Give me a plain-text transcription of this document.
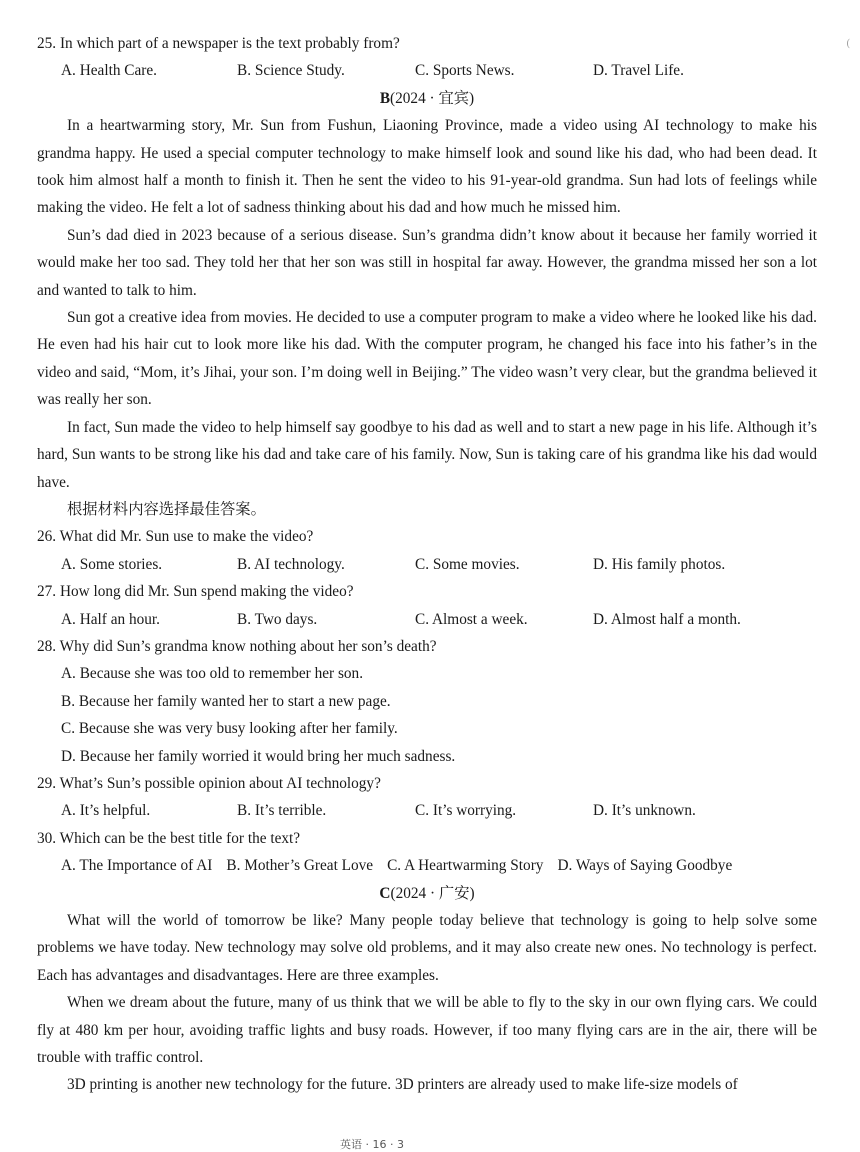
(
25. In which part of a newspaper is the text probably from?
A. Health Care.	B. Science Study.	C. Sports News.	D. Travel Life.
B(2024 · 宜宾)
In a heartwarming story, Mr. Sun from Fushun, Liaoning Province, made a video using AI technology to make his grandma happy. He used a special computer technology to make himself look and sound like his dad, who had been dead. It took him almost half a month to finish it. Then he sent the video to his 91-year-old grandma. Sun had lots of feelings while making the video. He felt a lot of sadness thinking about his dad and how much he missed him.
Sun’s dad died in 2023 because of a serious disease. Sun’s grandma didn’t know about it because her family worried it would make her too sad. They told her that her son was still in hospital far away. However, the grandma missed her son a lot and wanted to talk to him.
Sun got a creative idea from movies. He decided to use a computer program to make a video where he looked like his dad. He even had his hair cut to look more like his dad. With the computer program, he changed his face into his father’s in the video and said, “Mom, it’s Jihai, your son. I’m doing well in Beijing.” The video wasn’t very clear, but the grandma believed it was really her son.
In fact, Sun made the video to help himself say goodbye to his dad as well and to start a new page in his life. Although it’s hard, Sun wants to be strong like his dad and take care of his family. Now, Sun is taking care of his grandma like his dad would have.
根据材料内容选择最佳答案。
26. What did Mr. Sun use to make the video?
A. Some stories.	B. AI technology.	C. Some movies.	D. His family photos.
27. How long did Mr. Sun spend making the video?
A. Half an hour.	B. Two days.	C. Almost a week.	D. Almost half a month.
28. Why did Sun’s grandma know nothing about her son’s death?
A. Because she was too old to remember her son.
B. Because her family wanted her to start a new page.
C. Because she was very busy looking after her family.
D. Because her family worried it would bring her much sadness.
29. What’s Sun’s possible opinion about AI technology?
A. It’s helpful.	B. It’s terrible.	C. It’s worrying.	D. It’s unknown.
30. Which can be the best title for the text?
A. The Importance of AI B. Mother’s Great Love C. A Heartwarming Story D. Ways of Saying Goodbye
C(2024 · 广安)
What will the world of tomorrow be like? Many people today believe that technology is going to help solve some problems we have today. New technology may solve old problems, and it may also create new ones. No technology is perfect. Each has advantages and disadvantages. Here are three examples.
When we dream about the future, many of us think that we will be able to fly to the sky in our own flying cars. We could fly at 480 km per hour, avoiding traffic lights and busy roads. However, if too many flying cars are in the air, there will be trouble with traffic control.
3D printing is another new technology for the future. 3D printers are already used to make life-size models of
英语 · 16 · 3
